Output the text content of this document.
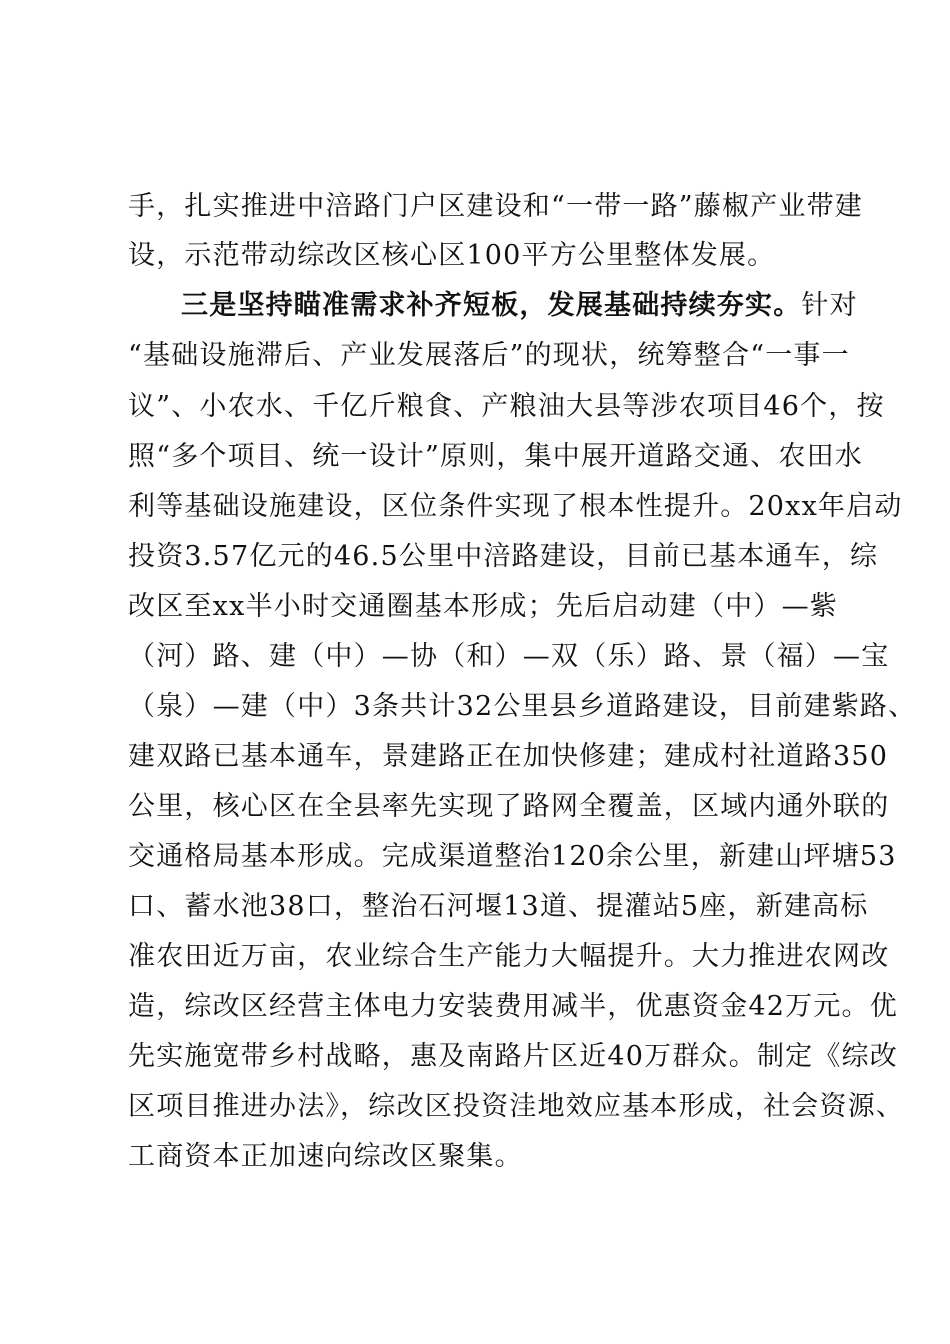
手，扎实推进中涪路门户区建设和“一带一路”藤椒产业带建
设，示范带动综改区核心区100平方公里整体发展。
三是坚持瞄准需求补齐短板，发展基础持续夯实。针对
“基础设施滞后、产业发展落后”的现状，统筹整合“一事一
议”、小农水、千亿斤粮食、产粮油大县等涉农项目46个，按
照“多个项目、统一设计”原则，集中展开道路交通、农田水
利等基础设施建设，区位条件实现了根本性提升。20xx年启动
投资3.57亿元的46.5公里中涪路建设，目前已基本通车，综
改区至xx半小时交通圈基本形成；先后启动建（中）—紫
（河）路、建（中）—协（和）—双（乐）路、景（福）—宝
（泉）—建（中）3条共计32公里县乡道路建设，目前建紫路、
建双路已基本通车，景建路正在加快修建；建成村社道路350
公里，核心区在全县率先实现了路网全覆盖，区域内通外联的
交通格局基本形成。完成渠道整治120余公里，新建山坪塘53
口、蓄水池38口，整治石河堰13道、提灌站5座，新建高标
准农田近万亩，农业综合生产能力大幅提升。大力推进农网改
造，综改区经营主体电力安装费用减半，优惠资金42万元。优
先实施宽带乡村战略，惠及南路片区近40万群众。制定《综改
区项目推进办法》，综改区投资洼地效应基本形成，社会资源、
工商资本正加速向综改区聚集。
